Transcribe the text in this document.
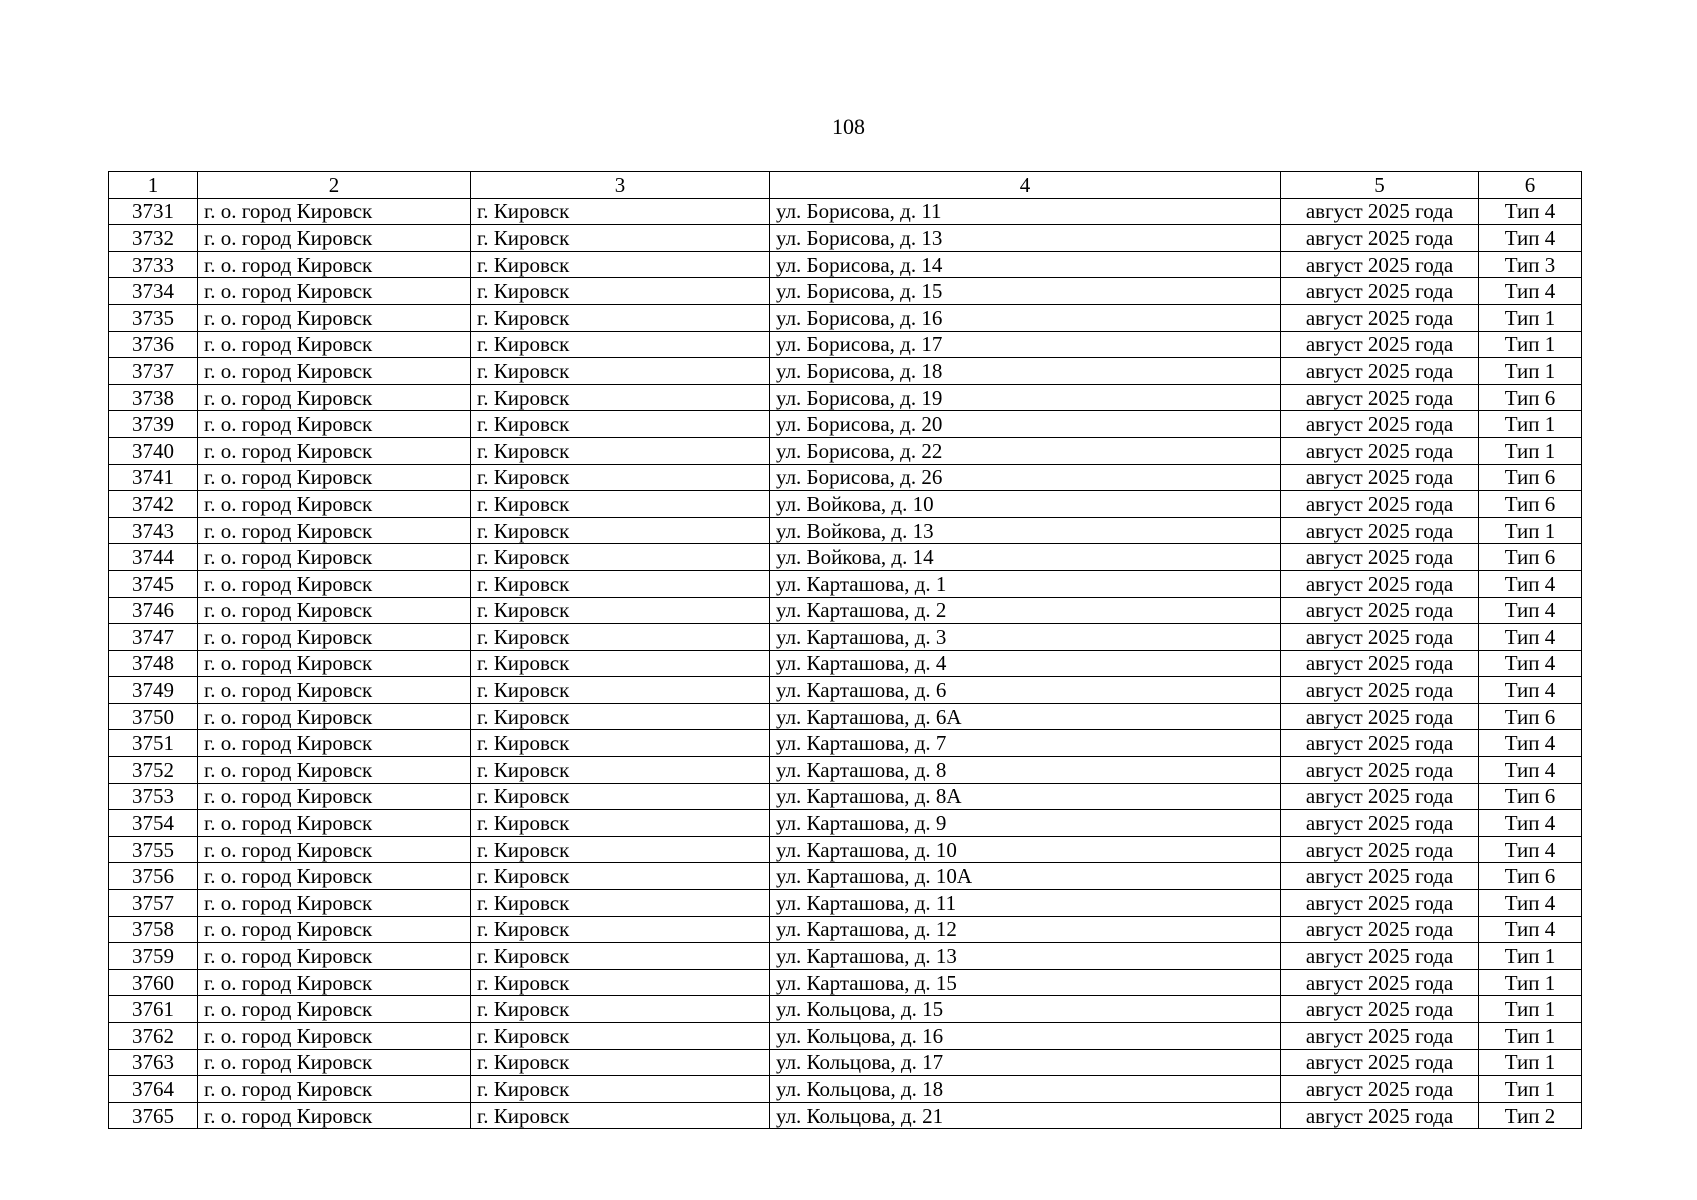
108
1	2	3	4	5	6
3731	г. о. город Кировск	г. Кировск	ул. Борисова, д. 11	август 2025 года	Тип 4
3732	г. о. город Кировск	г. Кировск	ул. Борисова, д. 13	август 2025 года	Тип 4
3733	г. о. город Кировск	г. Кировск	ул. Борисова, д. 14	август 2025 года	Тип 3
3734	г. о. город Кировск	г. Кировск	ул. Борисова, д. 15	август 2025 года	Тип 4
3735	г. о. город Кировск	г. Кировск	ул. Борисова, д. 16	август 2025 года	Тип 1
3736	г. о. город Кировск	г. Кировск	ул. Борисова, д. 17	август 2025 года	Тип 1
3737	г. о. город Кировск	г. Кировск	ул. Борисова, д. 18	август 2025 года	Тип 1
3738	г. о. город Кировск	г. Кировск	ул. Борисова, д. 19	август 2025 года	Тип 6
3739	г. о. город Кировск	г. Кировск	ул. Борисова, д. 20	август 2025 года	Тип 1
3740	г. о. город Кировск	г. Кировск	ул. Борисова, д. 22	август 2025 года	Тип 1
3741	г. о. город Кировск	г. Кировск	ул. Борисова, д. 26	август 2025 года	Тип 6
3742	г. о. город Кировск	г. Кировск	ул. Войкова, д. 10	август 2025 года	Тип 6
3743	г. о. город Кировск	г. Кировск	ул. Войкова, д. 13	август 2025 года	Тип 1
3744	г. о. город Кировск	г. Кировск	ул. Войкова, д. 14	август 2025 года	Тип 6
3745	г. о. город Кировск	г. Кировск	ул. Карташова, д. 1	август 2025 года	Тип 4
3746	г. о. город Кировск	г. Кировск	ул. Карташова, д. 2	август 2025 года	Тип 4
3747	г. о. город Кировск	г. Кировск	ул. Карташова, д. 3	август 2025 года	Тип 4
3748	г. о. город Кировск	г. Кировск	ул. Карташова, д. 4	август 2025 года	Тип 4
3749	г. о. город Кировск	г. Кировск	ул. Карташова, д. 6	август 2025 года	Тип 4
3750	г. о. город Кировск	г. Кировск	ул. Карташова, д. 6А	август 2025 года	Тип 6
3751	г. о. город Кировск	г. Кировск	ул. Карташова, д. 7	август 2025 года	Тип 4
3752	г. о. город Кировск	г. Кировск	ул. Карташова, д. 8	август 2025 года	Тип 4
3753	г. о. город Кировск	г. Кировск	ул. Карташова, д. 8А	август 2025 года	Тип 6
3754	г. о. город Кировск	г. Кировск	ул. Карташова, д. 9	август 2025 года	Тип 4
3755	г. о. город Кировск	г. Кировск	ул. Карташова, д. 10	август 2025 года	Тип 4
3756	г. о. город Кировск	г. Кировск	ул. Карташова, д. 10А	август 2025 года	Тип 6
3757	г. о. город Кировск	г. Кировск	ул. Карташова, д. 11	август 2025 года	Тип 4
3758	г. о. город Кировск	г. Кировск	ул. Карташова, д. 12	август 2025 года	Тип 4
3759	г. о. город Кировск	г. Кировск	ул. Карташова, д. 13	август 2025 года	Тип 1
3760	г. о. город Кировск	г. Кировск	ул. Карташова, д. 15	август 2025 года	Тип 1
3761	г. о. город Кировск	г. Кировск	ул. Кольцова, д. 15	август 2025 года	Тип 1
3762	г. о. город Кировск	г. Кировск	ул. Кольцова, д. 16	август 2025 года	Тип 1
3763	г. о. город Кировск	г. Кировск	ул. Кольцова, д. 17	август 2025 года	Тип 1
3764	г. о. город Кировск	г. Кировск	ул. Кольцова, д. 18	август 2025 года	Тип 1
3765	г. о. город Кировск	г. Кировск	ул. Кольцова, д. 21	август 2025 года	Тип 2
